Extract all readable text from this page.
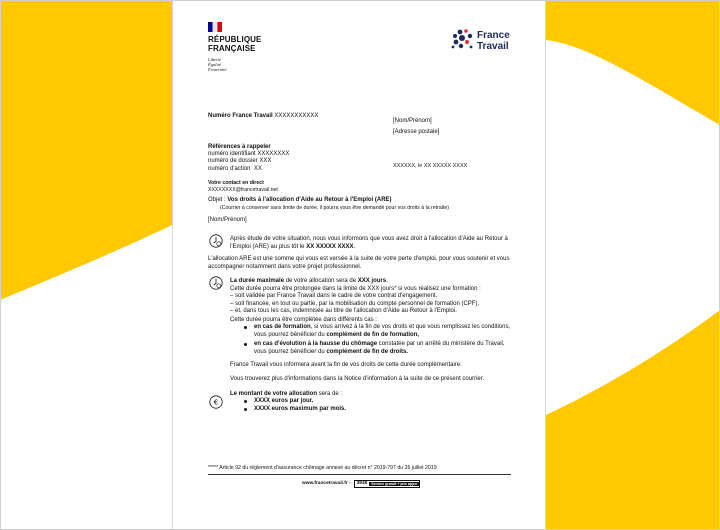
RÉPUBLIQUE
FRANÇAISE
Liberté
Égalité
Fraternité
France
Travail
Numéro France Travail XXXXXXXXXXX
[Nom/Prénom]
[Adresse postale]
Références à rappeler
numéro identifiant XXXXXXXX
numéro de dossier XXX
numéro d'action XX	XXXXXX, le XX XXXXX XXXX
Votre contact en direct
XXXXXXXX@francetravail.net
Objet : Vos droits à l'allocation d'Aide au Retour à l'Emploi (ARE)
(Courrier à conserver sans limite de durée, il pourra vous être demandé pour vos droits à la retraite)
[Nom/Prénom]
Après étude de votre situation, nous vous informons que vous avez droit à l'allocation d'Aide au Retour à l'Emploi (ARE) au plus tôt le XX XXXXX XXXX.
L'allocation ARE est une somme qui vous est versée à la suite de votre perte d'emploi, pour vous soutenir et vous accompagner notamment dans votre projet professionnel.
La durée maximale de votre allocation sera de XXX jours.
Cette durée pourra être prolongée dans la limite de XXX jours* si vous réalisez une formation :
– soit validée par France Travail dans le cadre de votre contrat d'engagement,
– soit financée, en tout ou partie, par la mobilisation du compte personnel de formation (CPF),
– et, dans tous les cas, indemnisée au titre de l'allocation d'Aide au Retour à l'Emploi.
Cette durée pourra être complétée dans différents cas :
en cas de formation, si vous arrivez à la fin de vos droits et que vous remplissez les conditions, vous pourrez bénéficier du complément de fin de formation,
en cas d'évolution à la hausse du chômage constatée par un arrêté du ministère du Travail, vous pourrez bénéficier du complément de fin de droits.
France Travail vous informera avant la fin de vos droits de cette durée complémentaire.
Vous trouverez plus d'informations dans la Notice d'information à la suite de ce présent courrier.
€
Le montant de votre allocation sera de :
XXXX euros par jour.
XXXX euros maximum par mois.
***** Article 92 du règlement d'assurance chômage annexé au décret n° 2019-797 du 26 juillet 2019
www.francetravail.fr -	3949	Service gratuit + prix appel
